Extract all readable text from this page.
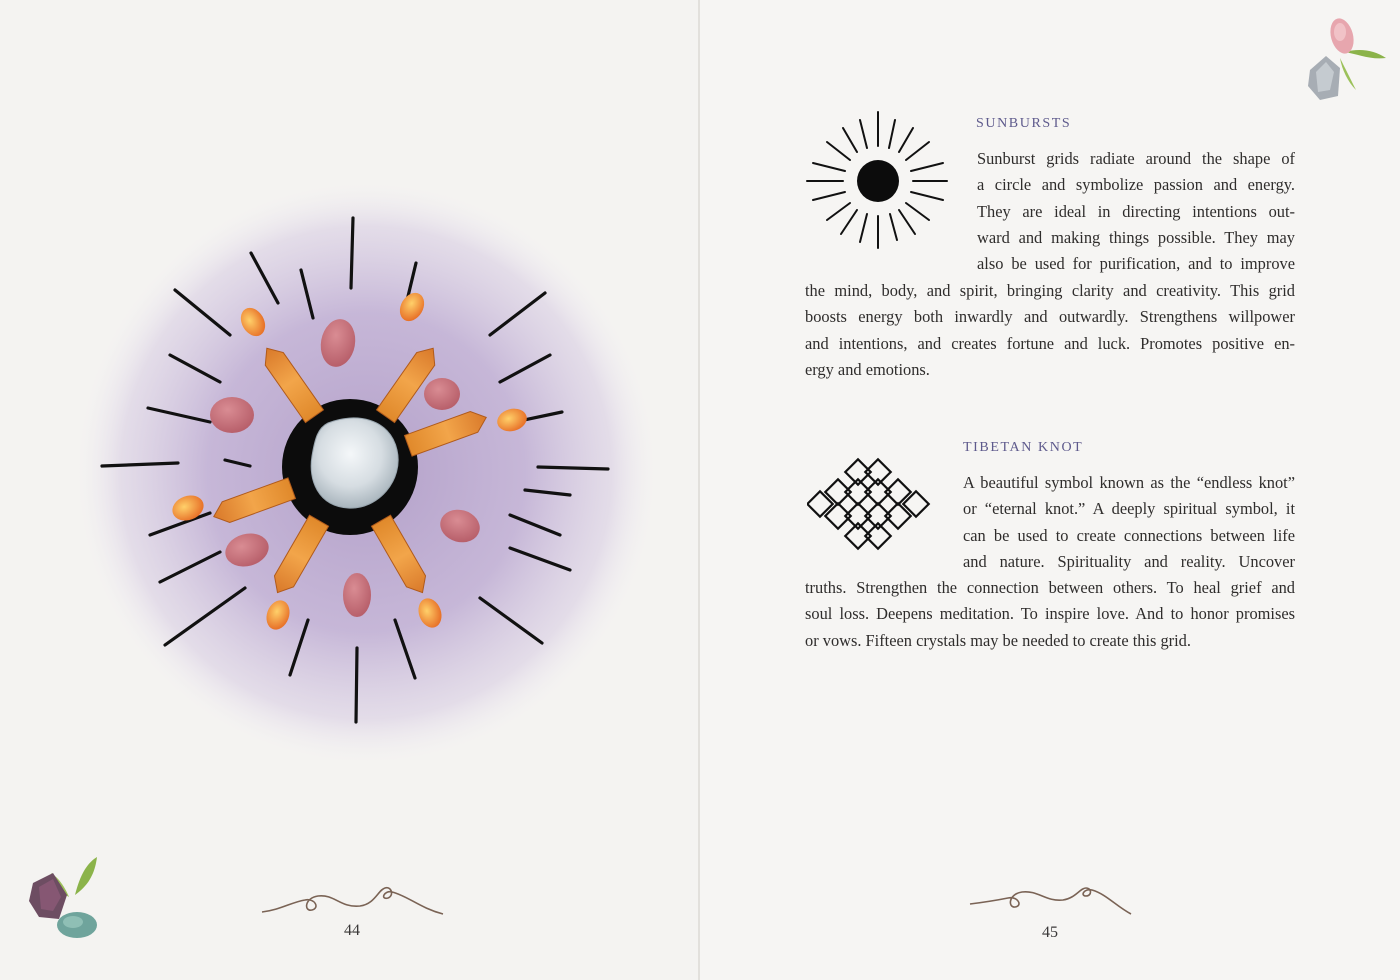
44
SUNBURSTS
Sunburst grids radiate around the shape of
a circle and symbolize passion and energy.
They are ideal in directing intentions out-
ward and making things possible. They may
also be used for purification, and to improve
the mind, body, and spirit, bringing clarity and creativity. This grid
boosts energy both inwardly and outwardly. Strengthens willpower
and intentions, and creates fortune and luck. Promotes positive en-
ergy and emotions.
TIBETAN KNOT
A beautiful symbol known as the “endless knot”
or “eternal knot.” A deeply spiritual symbol, it
can be used to create connections between life
and nature. Spirituality and reality. Uncover
truths. Strengthen the connection between others. To heal grief and
soul loss. Deepens meditation. To inspire love. And to honor promises
or vows. Fifteen crystals may be needed to create this grid.
45
